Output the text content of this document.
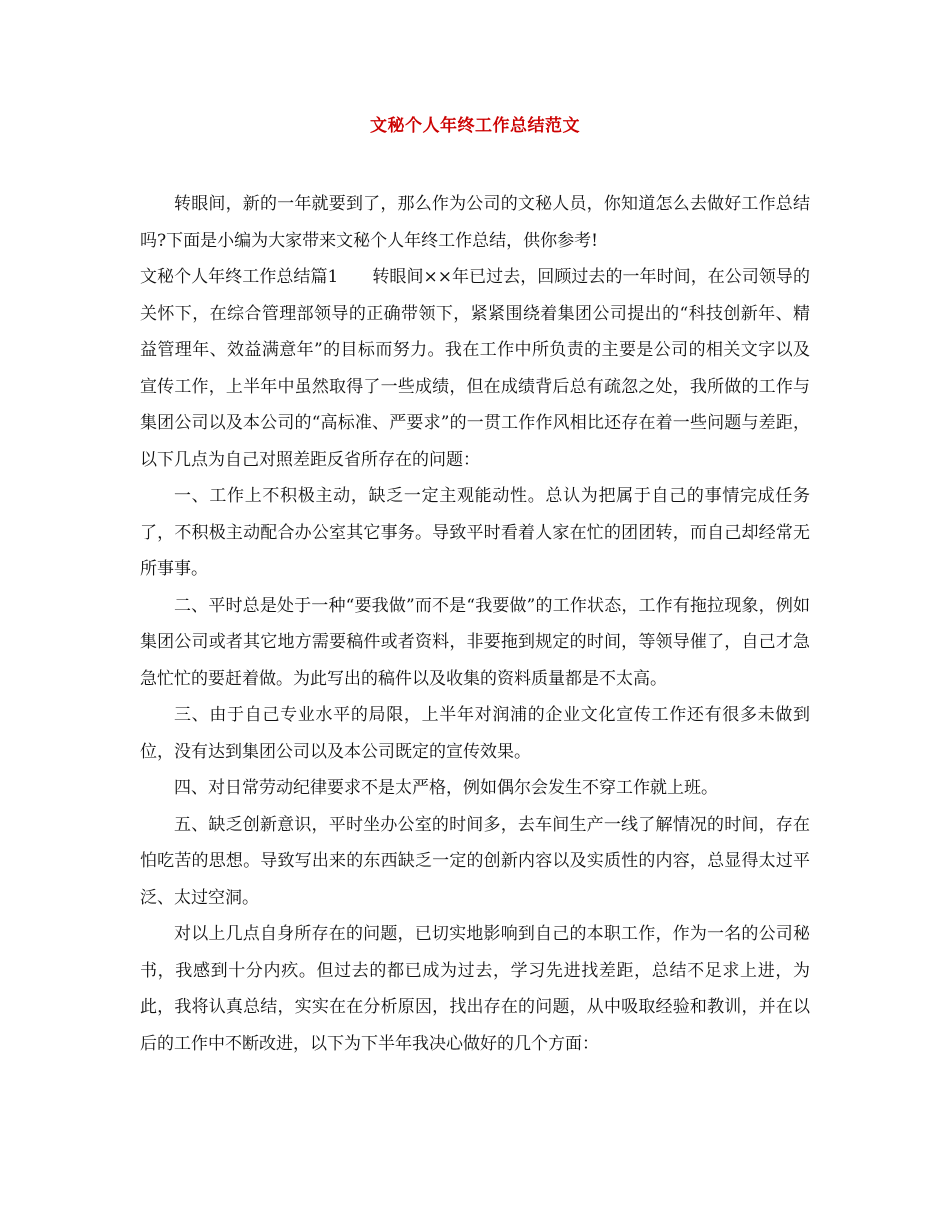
文秘个人年终工作总结范文

转眼间，新的一年就要到了，那么作为公司的文秘人员，你知道怎么去做好工作总结吗?下面是小编为大家带来文秘个人年终工作总结，供你参考!

文秘个人年终工作总结篇1 转眼间××年已过去，回顾过去的一年时间，在公司领导的关怀下，在综合管理部领导的正确带领下，紧紧围绕着集团公司提出的“科技创新年、精益管理年、效益满意年”的目标而努力。我在工作中所负责的主要是公司的相关文字以及宣传工作，上半年中虽然取得了一些成绩，但在成绩背后总有疏忽之处，我所做的工作与集团公司以及本公司的“高标准、严要求”的一贯工作作风相比还存在着一些问题与差距，以下几点为自己对照差距反省所存在的问题：

一、工作上不积极主动，缺乏一定主观能动性。总认为把属于自己的事情完成任务了，不积极主动配合办公室其它事务。导致平时看着人家在忙的团团转，而自己却经常无所事事。

二、平时总是处于一种“要我做”而不是“我要做”的工作状态，工作有拖拉现象，例如集团公司或者其它地方需要稿件或者资料，非要拖到规定的时间，等领导催了，自己才急急忙忙的要赶着做。为此写出的稿件以及收集的资料质量都是不太高。

三、由于自己专业水平的局限，上半年对润浦的企业文化宣传工作还有很多未做到位，没有达到集团公司以及本公司既定的宣传效果。

四、对日常劳动纪律要求不是太严格，例如偶尔会发生不穿工作就上班。

五、缺乏创新意识，平时坐办公室的时间多，去车间生产一线了解情况的时间，存在怕吃苦的思想。导致写出来的东西缺乏一定的创新内容以及实质性的内容，总显得太过平泛、太过空洞。

对以上几点自身所存在的问题，已切实地影响到自己的本职工作，作为一名的公司秘书，我感到十分内疚。但过去的都已成为过去，学习先进找差距，总结不足求上进，为此，我将认真总结，实实在在分析原因，找出存在的问题，从中吸取经验和教训，并在以后的工作中不断改进，以下为下半年我决心做好的几个方面：
